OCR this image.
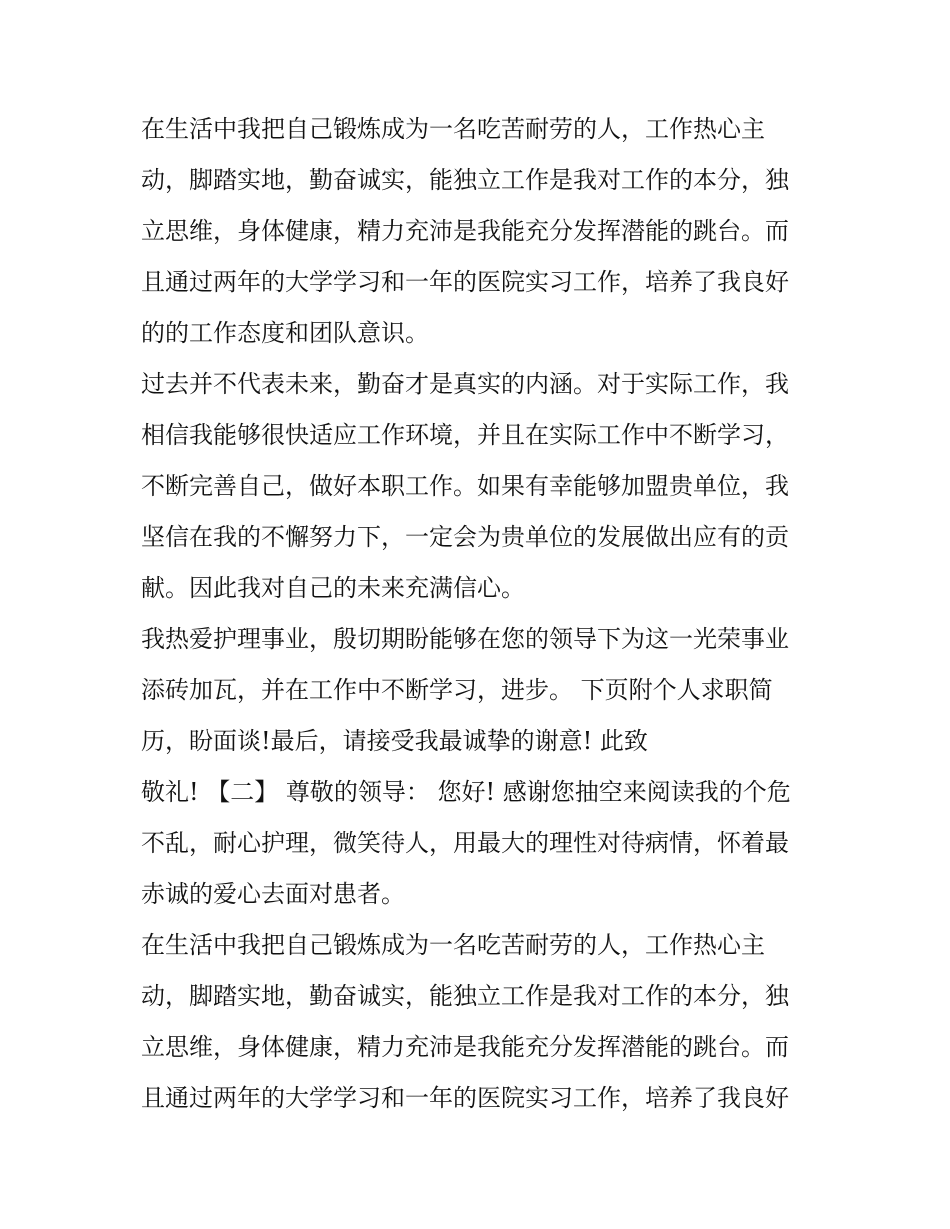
在生活中我把自己锻炼成为一名吃苦耐劳的人，工作热心主
动，脚踏实地，勤奋诚实，能独立工作是我对工作的本分，独
立思维，身体健康，精力充沛是我能充分发挥潜能的跳台。而
且通过两年的大学学习和一年的医院实习工作，培养了我良好
的的工作态度和团队意识。
过去并不代表未来，勤奋才是真实的内涵。对于实际工作，我
相信我能够很快适应工作环境，并且在实际工作中不断学习，
不断完善自己，做好本职工作。如果有幸能够加盟贵单位，我
坚信在我的不懈努力下，一定会为贵单位的发展做出应有的贡
献。因此我对自己的未来充满信心。
我热爱护理事业，殷切期盼能够在您的领导下为这一光荣事业
添砖加瓦，并在工作中不断学习，进步。 下页附个人求职简
历，盼面谈!最后，请接受我最诚挚的谢意! 此致
敬礼! 【二】 尊敬的领导： 您好! 感谢您抽空来阅读我的个危
不乱，耐心护理，微笑待人，用最大的理性对待病情，怀着最
赤诚的爱心去面对患者。
在生活中我把自己锻炼成为一名吃苦耐劳的人，工作热心主
动，脚踏实地，勤奋诚实，能独立工作是我对工作的本分，独
立思维，身体健康，精力充沛是我能充分发挥潜能的跳台。而
且通过两年的大学学习和一年的医院实习工作，培养了我良好
